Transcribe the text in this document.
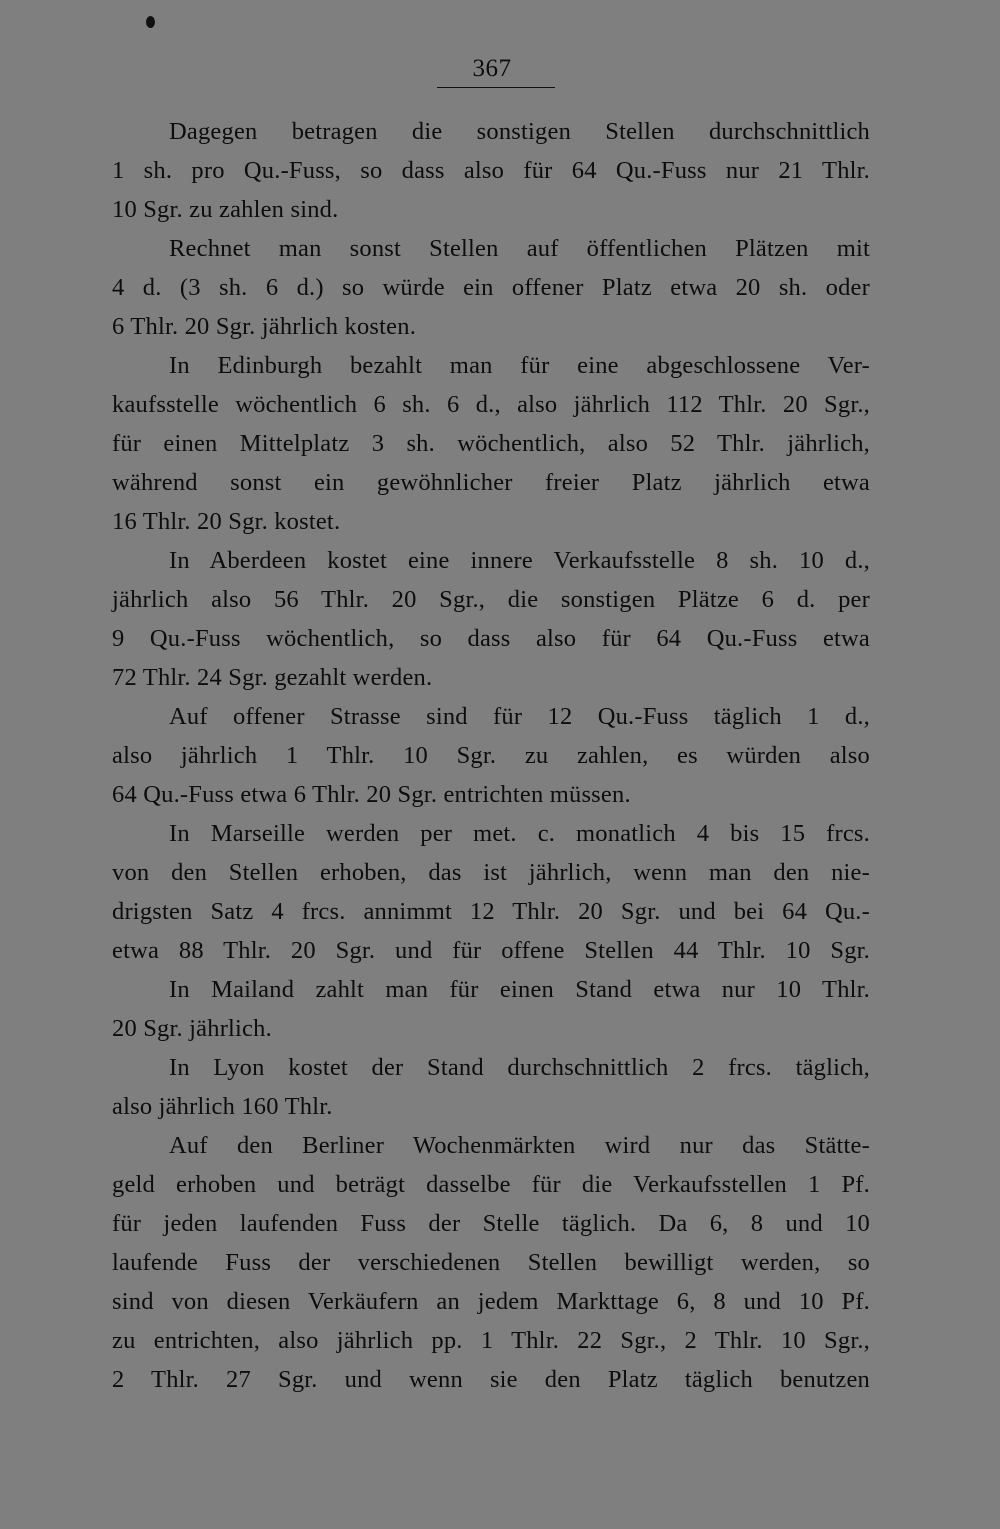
367
Dagegen betragen die sonstigen Stellen durchschnittlich
1 sh. pro Qu.-Fuss, so dass also für 64 Qu.-Fuss nur 21 Thlr.
10 Sgr. zu zahlen sind.
Rechnet man sonst Stellen auf öffentlichen Plätzen mit
4 d. (3 sh. 6 d.) so würde ein offener Platz etwa 20 sh. oder
6 Thlr. 20 Sgr. jährlich kosten.
In Edinburgh bezahlt man für eine abgeschlossene Ver-
kaufsstelle wöchentlich 6 sh. 6 d., also jährlich 112 Thlr. 20 Sgr.,
für einen Mittelplatz 3 sh. wöchentlich, also 52 Thlr. jährlich,
während sonst ein gewöhnlicher freier Platz jährlich etwa
16 Thlr. 20 Sgr. kostet.
In Aberdeen kostet eine innere Verkaufsstelle 8 sh. 10 d.,
jährlich also 56 Thlr. 20 Sgr., die sonstigen Plätze 6 d. per
9 Qu.-Fuss wöchentlich, so dass also für 64 Qu.-Fuss etwa
72 Thlr. 24 Sgr. gezahlt werden.
Auf offener Strasse sind für 12 Qu.-Fuss täglich 1 d.,
also jährlich 1 Thlr. 10 Sgr. zu zahlen, es würden also
64 Qu.-Fuss etwa 6 Thlr. 20 Sgr. entrichten müssen.
In Marseille werden per met. c. monatlich 4 bis 15 frcs.
von den Stellen erhoben, das ist jährlich, wenn man den nie-
drigsten Satz 4 frcs. annimmt 12 Thlr. 20 Sgr. und bei 64 Qu.-
etwa 88 Thlr. 20 Sgr. und für offene Stellen 44 Thlr. 10 Sgr.
In Mailand zahlt man für einen Stand etwa nur 10 Thlr.
20 Sgr. jährlich.
In Lyon kostet der Stand durchschnittlich 2 frcs. täglich,
also jährlich 160 Thlr.
Auf den Berliner Wochenmärkten wird nur das Stätte-
geld erhoben und beträgt dasselbe für die Verkaufsstellen 1 Pf.
für jeden laufenden Fuss der Stelle täglich. Da 6, 8 und 10
laufende Fuss der verschiedenen Stellen bewilligt werden, so
sind von diesen Verkäufern an jedem Markttage 6, 8 und 10 Pf.
zu entrichten, also jährlich pp. 1 Thlr. 22 Sgr., 2 Thlr. 10 Sgr.,
2 Thlr. 27 Sgr. und wenn sie den Platz täglich benutzen
